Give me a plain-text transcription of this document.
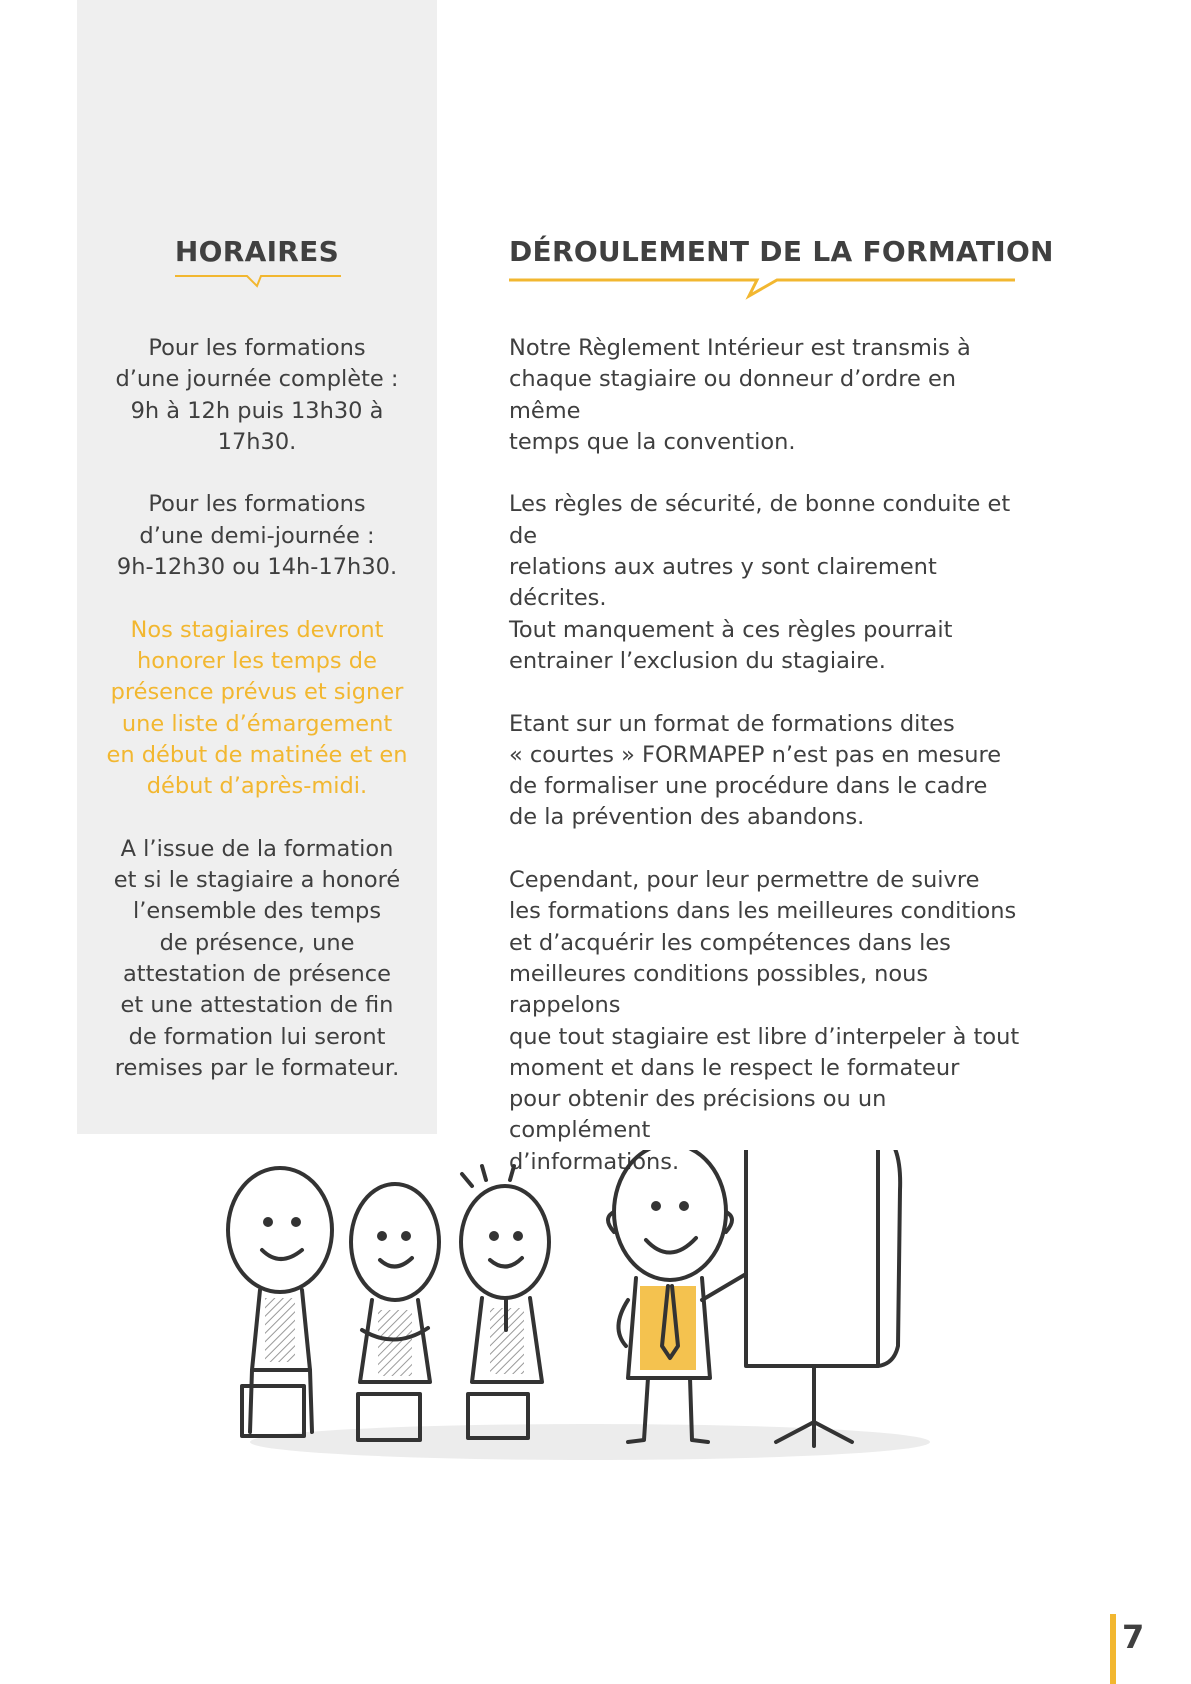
HORAIRES	DÉROULEMENT DE LA FORMATION

Pour les formations
d’une journée complète :
9h à 12h puis 13h30 à 17h30.

Pour les formations
d’une demi-journée :
9h-12h30 ou 14h-17h30.

Nos stagiaires devront
honorer les temps de
présence prévus et signer
une liste d’émargement
en début de matinée et en
début d’après-midi.

A l’issue de la formation
et si le stagiaire a honoré
l’ensemble des temps
de présence, une
attestation de présence
et une attestation de fin
de formation lui seront
remises par le formateur.

Notre Règlement Intérieur est transmis à
chaque stagiaire ou donneur d’ordre en même
temps que la convention.

Les règles de sécurité, de bonne conduite et de
relations aux autres y sont clairement décrites.
Tout manquement à ces règles pourrait
entrainer l’exclusion du stagiaire.

Etant sur un format de formations dites
« courtes » FORMAPEP n’est pas en mesure
de formaliser une procédure dans le cadre
de la prévention des abandons.

Cependant, pour leur permettre de suivre
les formations dans les meilleures conditions
et d’acquérir les compétences dans les
meilleures conditions possibles, nous rappelons
que tout stagiaire est libre d’interpeler à tout
moment et dans le respect le formateur
pour obtenir des précisions ou un complément
d’informations.

7
